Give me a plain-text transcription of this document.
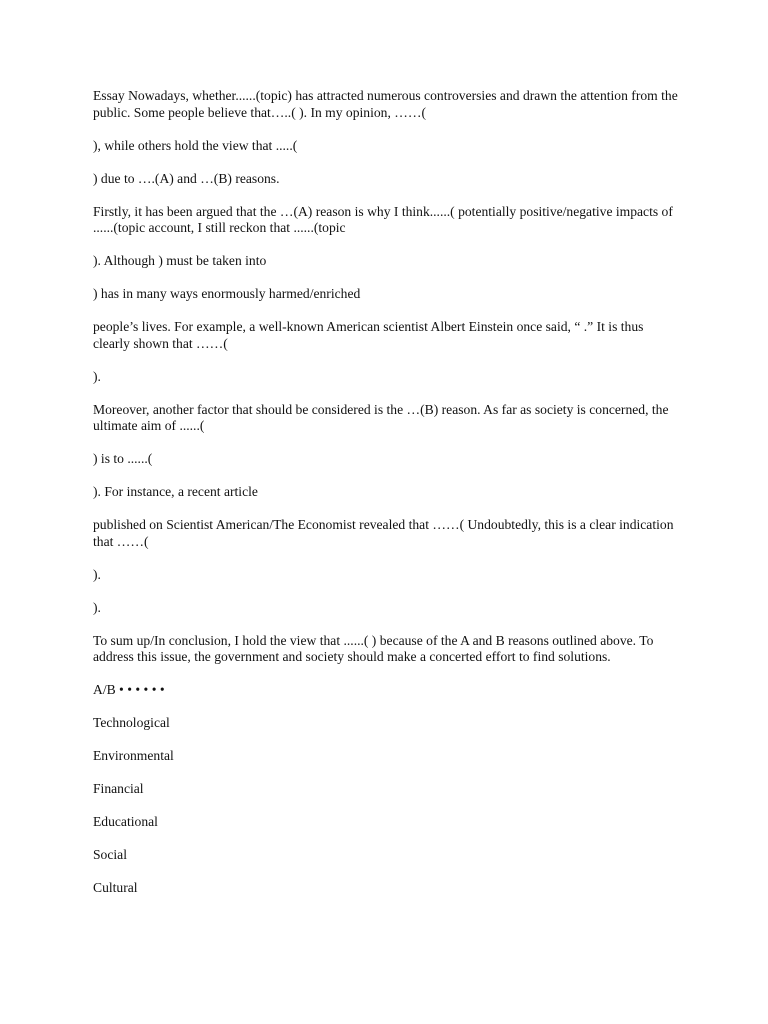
Essay Nowadays, whether......(topic) has attracted numerous controversies and drawn the attention from the public. Some people believe that…..( ). In my opinion, ……(

), while others hold the view that .....(

) due to ….(A) and …(B) reasons.

Firstly, it has been argued that the …(A) reason is why I think......( potentially positive/negative impacts of ......(topic account, I still reckon that ......(topic

). Although ) must be taken into

) has in many ways enormously harmed/enriched

people’s lives. For example, a well-known American scientist Albert Einstein once said, “ .” It is thus clearly shown that ……(

).

Moreover, another factor that should be considered is the …(B) reason. As far as society is concerned, the ultimate aim of ......(

) is to ......(

). For instance, a recent article

published on Scientist American/The Economist revealed that ……( Undoubtedly, this is a clear indication that ……(

).

).

To sum up/In conclusion, I hold the view that ......( ) because of the A and B reasons outlined above. To address this issue, the government and society should make a concerted effort to find solutions.

A/B • • • • • •

Technological
Environmental
Financial
Educational
Social
Cultural
